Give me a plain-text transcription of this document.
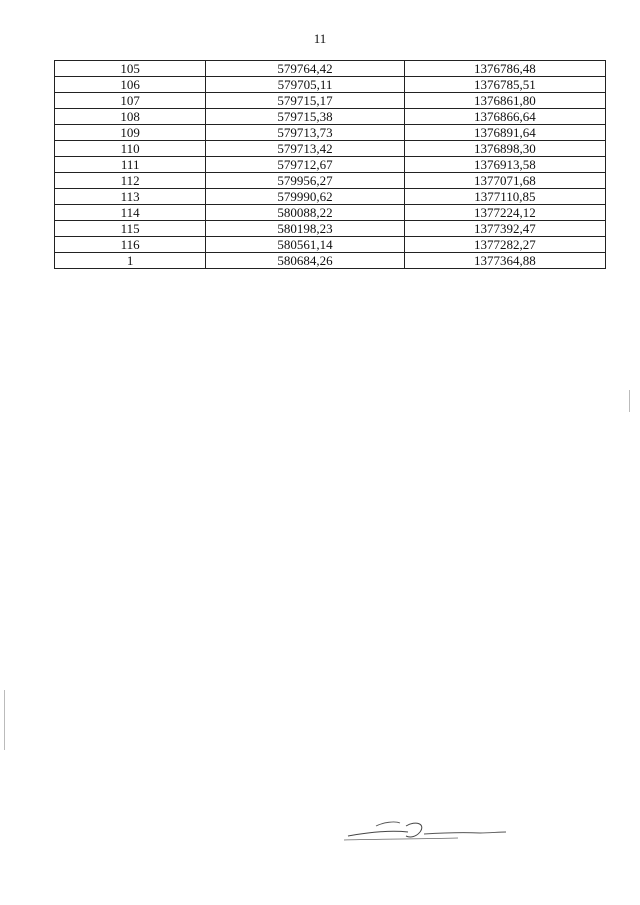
11
105	579764,42	1376786,48
106	579705,11	1376785,51
107	579715,17	1376861,80
108	579715,38	1376866,64
109	579713,73	1376891,64
110	579713,42	1376898,30
111	579712,67	1376913,58
112	579956,27	1377071,68
113	579990,62	1377110,85
114	580088,22	1377224,12
115	580198,23	1377392,47
116	580561,14	1377282,27
1	580684,26	1377364,88
